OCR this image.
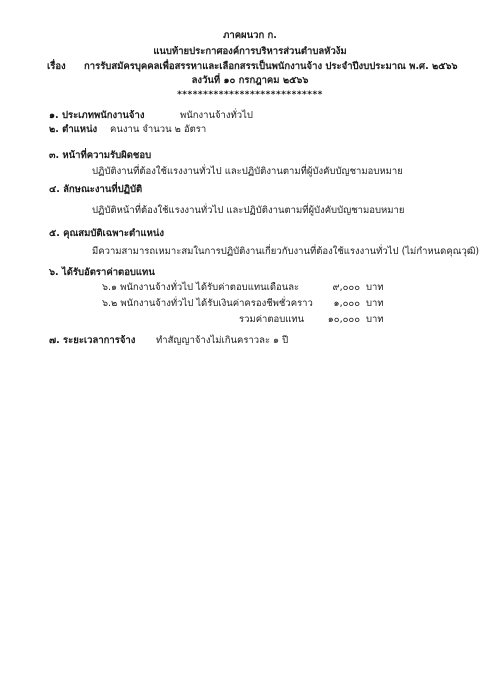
ภาคผนวก ก.
แนบท้ายประกาศองค์การบริหารส่วนตำบลหัวง้ม
เรื่อง การรับสมัครบุคคลเพื่อสรรหาและเลือกสรรเป็นพนักงานจ้าง ประจำปีงบประมาณ พ.ศ. ๒๕๖๖
ลงวันที่ ๑๐ กรกฎาคม ๒๕๖๖
****************************
๑. ประเภทพนักงานจ้าง	พนักงานจ้างทั่วไป
๒. ตำแหน่ง คนงาน จำนวน ๒ อัตรา
๓. หน้าที่ความรับผิดชอบ
ปฏิบัติงานที่ต้องใช้แรงงานทั่วไป และปฏิบัติงานตามที่ผู้บังคับบัญชามอบหมาย
๔. ลักษณะงานที่ปฏิบัติ
ปฏิบัติหน้าที่ต้องใช้แรงงานทั่วไป และปฏิบัติงานตามที่ผู้บังคับบัญชามอบหมาย
๕. คุณสมบัติเฉพาะตำแหน่ง
มีความสามารถเหมาะสมในการปฏิบัติงานเกี่ยวกับงานที่ต้องใช้แรงงานทั่วไป (ไม่กำหนดคุณวุฒิ)
๖. ได้รับอัตราค่าตอบแทน
๖.๑ พนักงานจ้างทั่วไป ได้รับค่าตอบแทนเดือนละ	๙,๐๐๐ บาท
๖.๒ พนักงานจ้างทั่วไป ได้รับเงินค่าครองชีพชั่วคราว	๑,๐๐๐ บาท
รวมค่าตอบแทน	๑๐,๐๐๐ บาท
๗. ระยะเวลาการจ้าง ทำสัญญาจ้างไม่เกินคราวละ ๑ ปี
